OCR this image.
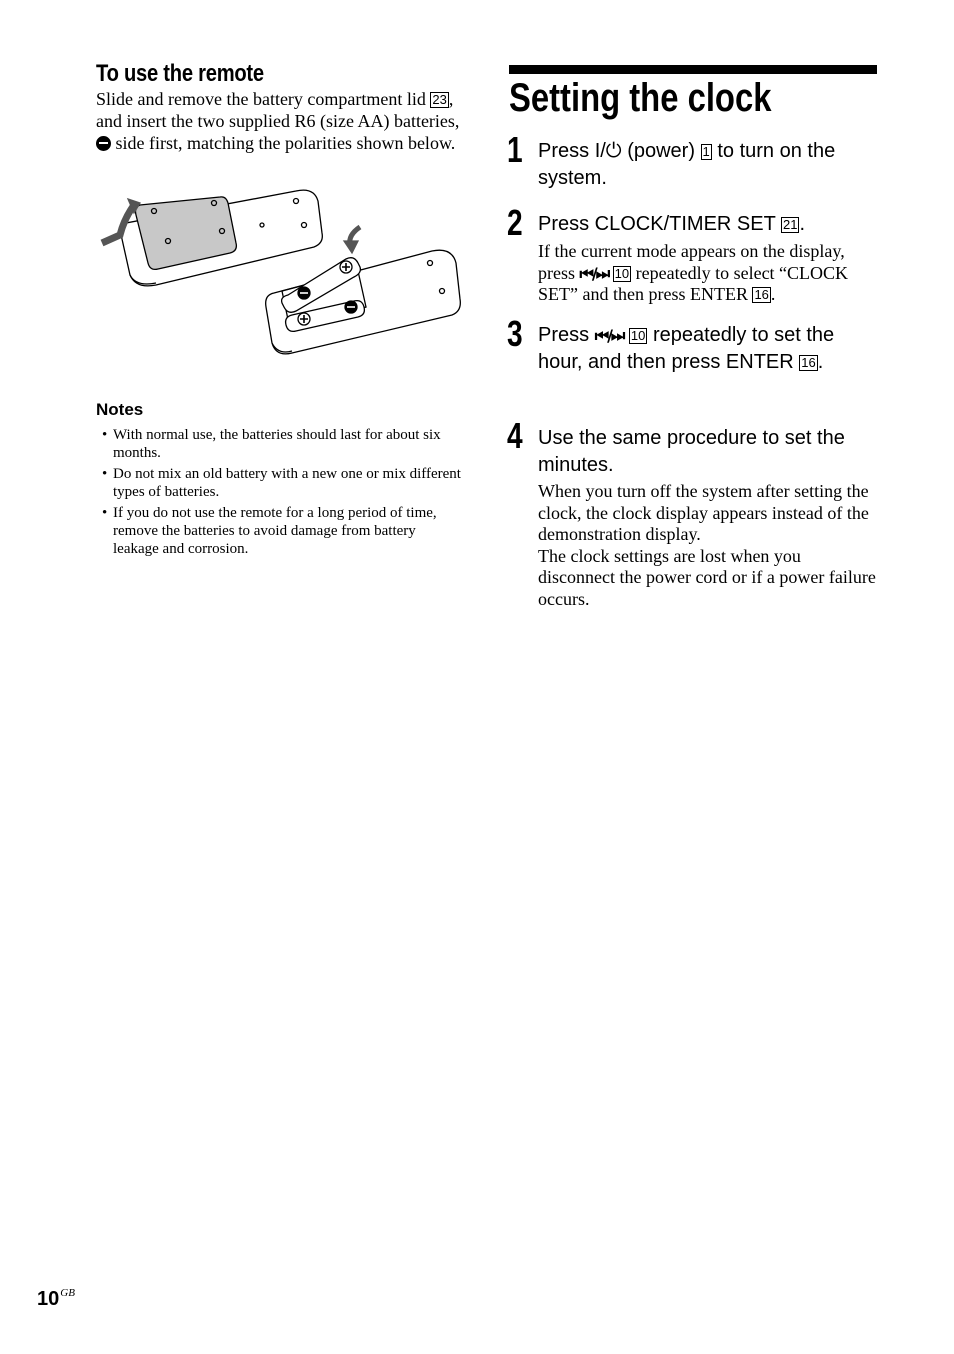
To use the remote
Slide and remove the battery compartment lid 23 , and insert the two supplied R6 (size AA) batteries,  side first, matching the polarities shown below.
Notes
• With normal use, the batteries should last for about six months.
• Do not mix an old battery with a new one or mix different types of batteries.
• If you do not use the remote for a long period of time, remove the batteries to avoid damage from battery leakage and corrosion.
Setting the clock
1 Press I/⏻ (power) 1 to turn on the system.
2 Press CLOCK/TIMER SET 21 .
If the current mode appears on the display, press ⏮/⏭ 10 repeatedly to select “CLOCK SET” and then press ENTER 16 .
3 Press ⏮/⏭ 10 repeatedly to set the hour, and then press ENTER 16 .
4 Use the same procedure to set the minutes.
When you turn off the system after setting the clock, the clock display appears instead of the demonstration display.
The clock settings are lost when you disconnect the power cord or if a power failure occurs.
$10^{GB}$
